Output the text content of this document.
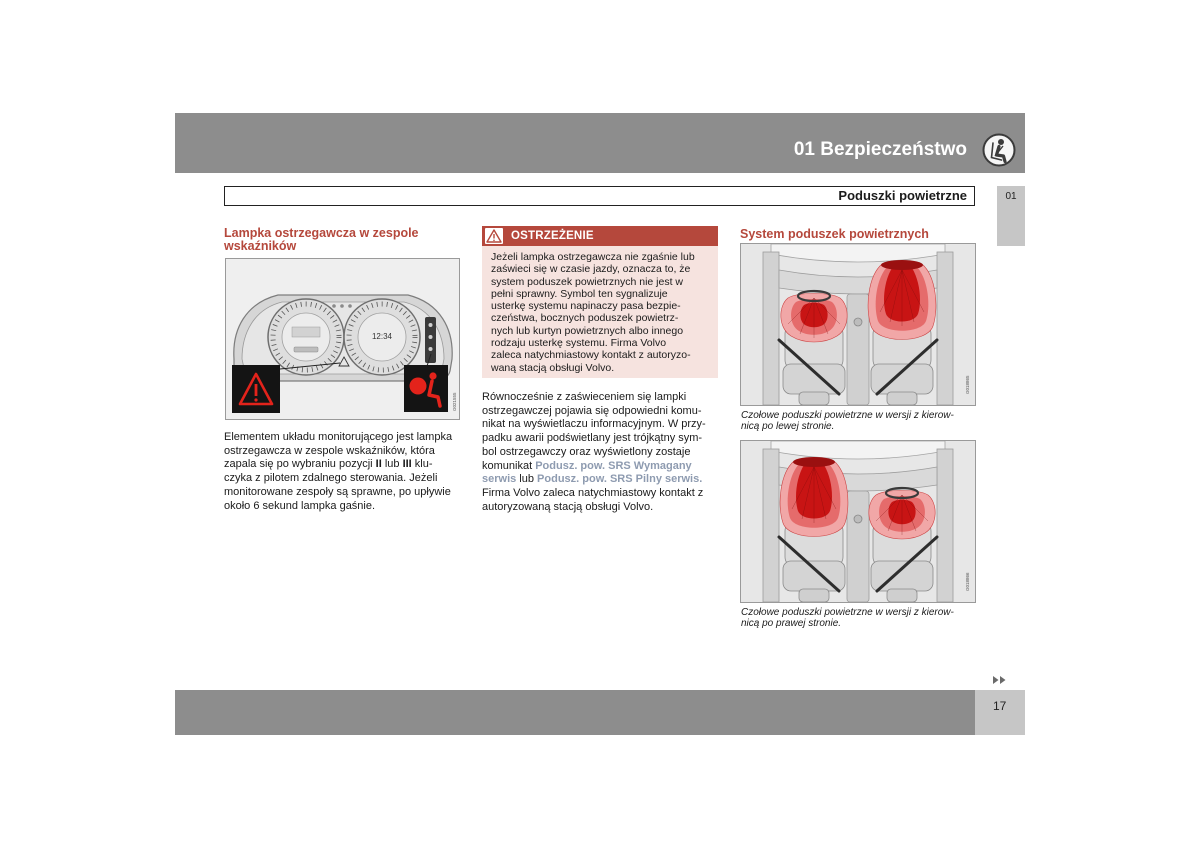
01 Bezpieczeństwo
Poduszki powietrzne	01
Lampka ostrzegawcza w zespole wskaźników
12:34
G021555
Elementem układu monitorującego jest lampka
ostrzegawcza w zespole wskaźników, która
zapala się po wybraniu pozycji II lub III klu-
czyka z pilotem zdalnego sterowania. Jeżeli
monitorowane zespoły są sprawne, po upływie
około 6 sekund lampka gaśnie.
OSTRZEŻENIE
Jeżeli lampka ostrzegawcza nie zgaśnie lub
zaświeci się w czasie jazdy, oznacza to, że
system poduszek powietrznych nie jest w
pełni sprawny. Symbol ten sygnalizuje
usterkę systemu napinaczy pasa bezpie-
czeństwa, bocznych poduszek powietrz-
nych lub kurtyn powietrznych albo innego
rodzaju usterkę systemu. Firma Volvo
zaleca natychmiastowy kontakt z autoryzo-
waną stacją obsługi Volvo.
Równocześnie z zaświeceniem się lampki
ostrzegawczej pojawia się odpowiedni komu-
nikat na wyświetlaczu informacyjnym. W przy-
padku awarii podświetlany jest trójkątny sym-
bol ostrzegawczy oraz wyświetlony zostaje
komunikat Podusz. pow. SRS Wymagany
serwis lub Podusz. pow. SRS Pilny serwis.
Firma Volvo zaleca natychmiastowy kontakt z
autoryzowaną stacją obsługi Volvo.
System poduszek powietrznych
G018865
Czołowe poduszki powietrzne w wersji z kierow-
nicą po lewej stronie.
G018866
Czołowe poduszki powietrzne w wersji z kierow-
nicą po prawej stronie.
17
